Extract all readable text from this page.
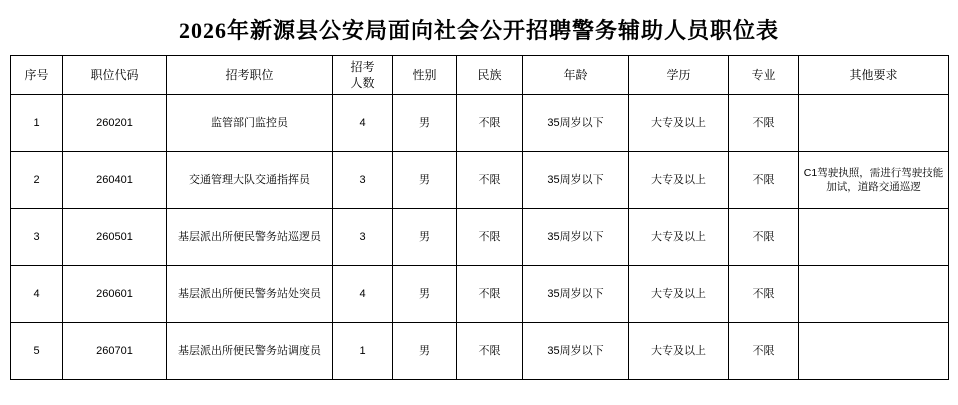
2026年新源县公安局面向社会公开招聘警务辅助人员职位表
序号	职位代码	招考职位	招考
人数	性别	民族	年龄	学历	专业	其他要求
1	260201	监管部门监控员	4	男	不限	35周岁以下	大专及以上	不限	
2	260401	交通管理大队交通指挥员	3	男	不限	35周岁以下	大专及以上	不限	C1驾驶执照，需进行驾驶技能加试，道路交通巡逻
3	260501	基层派出所便民警务站巡逻员	3	男	不限	35周岁以下	大专及以上	不限	
4	260601	基层派出所便民警务站处突员	4	男	不限	35周岁以下	大专及以上	不限	
5	260701	基层派出所便民警务站调度员	1	男	不限	35周岁以下	大专及以上	不限	
